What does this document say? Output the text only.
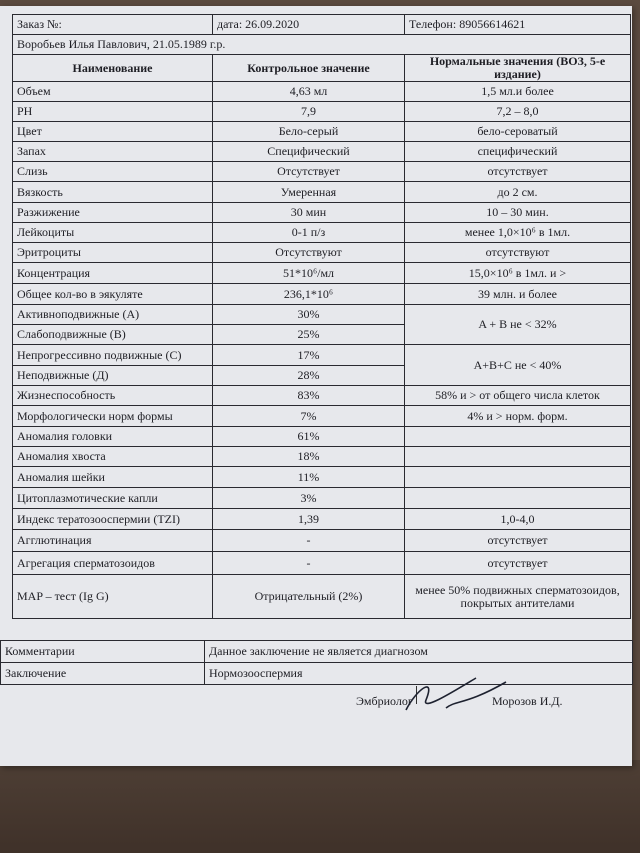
Заказ №:	дата: 26.09.2020	Телефон: 89056614621
Воробьев Илья Павлович, 21.05.1989 г.р.		
Наименование	Контрольное значение	Нормальные значения (ВОЗ, 5-е издание)
Объем	4,63 мл	1,5 мл.и более
PH	7,9	7,2 – 8,0
Цвет	Бело-серый	бело-сероватый
Запах	Специфический	специфический
Слизь	Отсутствует	отсутствует
Вязкость	Умеренная	до 2 см.
Разжижение	30 мин	10 – 30 мин.
Лейкоциты	0-1 п/з	менее 1,0×10⁶ в 1мл.
Эритроциты	Отсутствуют	отсутствуют
Концентрация	51*10⁶/мл	15,0×10⁶ в 1мл. и >
Общее кол-во в эякуляте	236,1*10⁶	39 млн. и более
Активноподвижные (A)	30%	A + B не < 32%
Слабоподвижные (B)	25%	
Непрогрессивно подвижные (C)	17%	A+B+C не < 40%
Неподвижные (Д)	28%	
Жизнеспособность	83%	58% и > от общего числа клеток
Морфологически норм формы	7%	4% и > норм. форм.
Аномалия головки	61%	
Аномалия хвоста	18%	
Аномалия шейки	11%	
Цитоплазмотические капли	3%	
Индекс тератозооспермии (TZI)	1,39	1,0-4,0
Агглютинация	-	отсутствует
Агрегация сперматозоидов	-	отсутствует
MAP – тест (Ig G)	Отрицательный (2%)	менее 50% подвижных сперматозоидов, покрытых антителами
Комментарии	Данное заключение не является диагнозом
Заключение	Нормозооспермия
Эмбриолог	Морозов И.Д.
